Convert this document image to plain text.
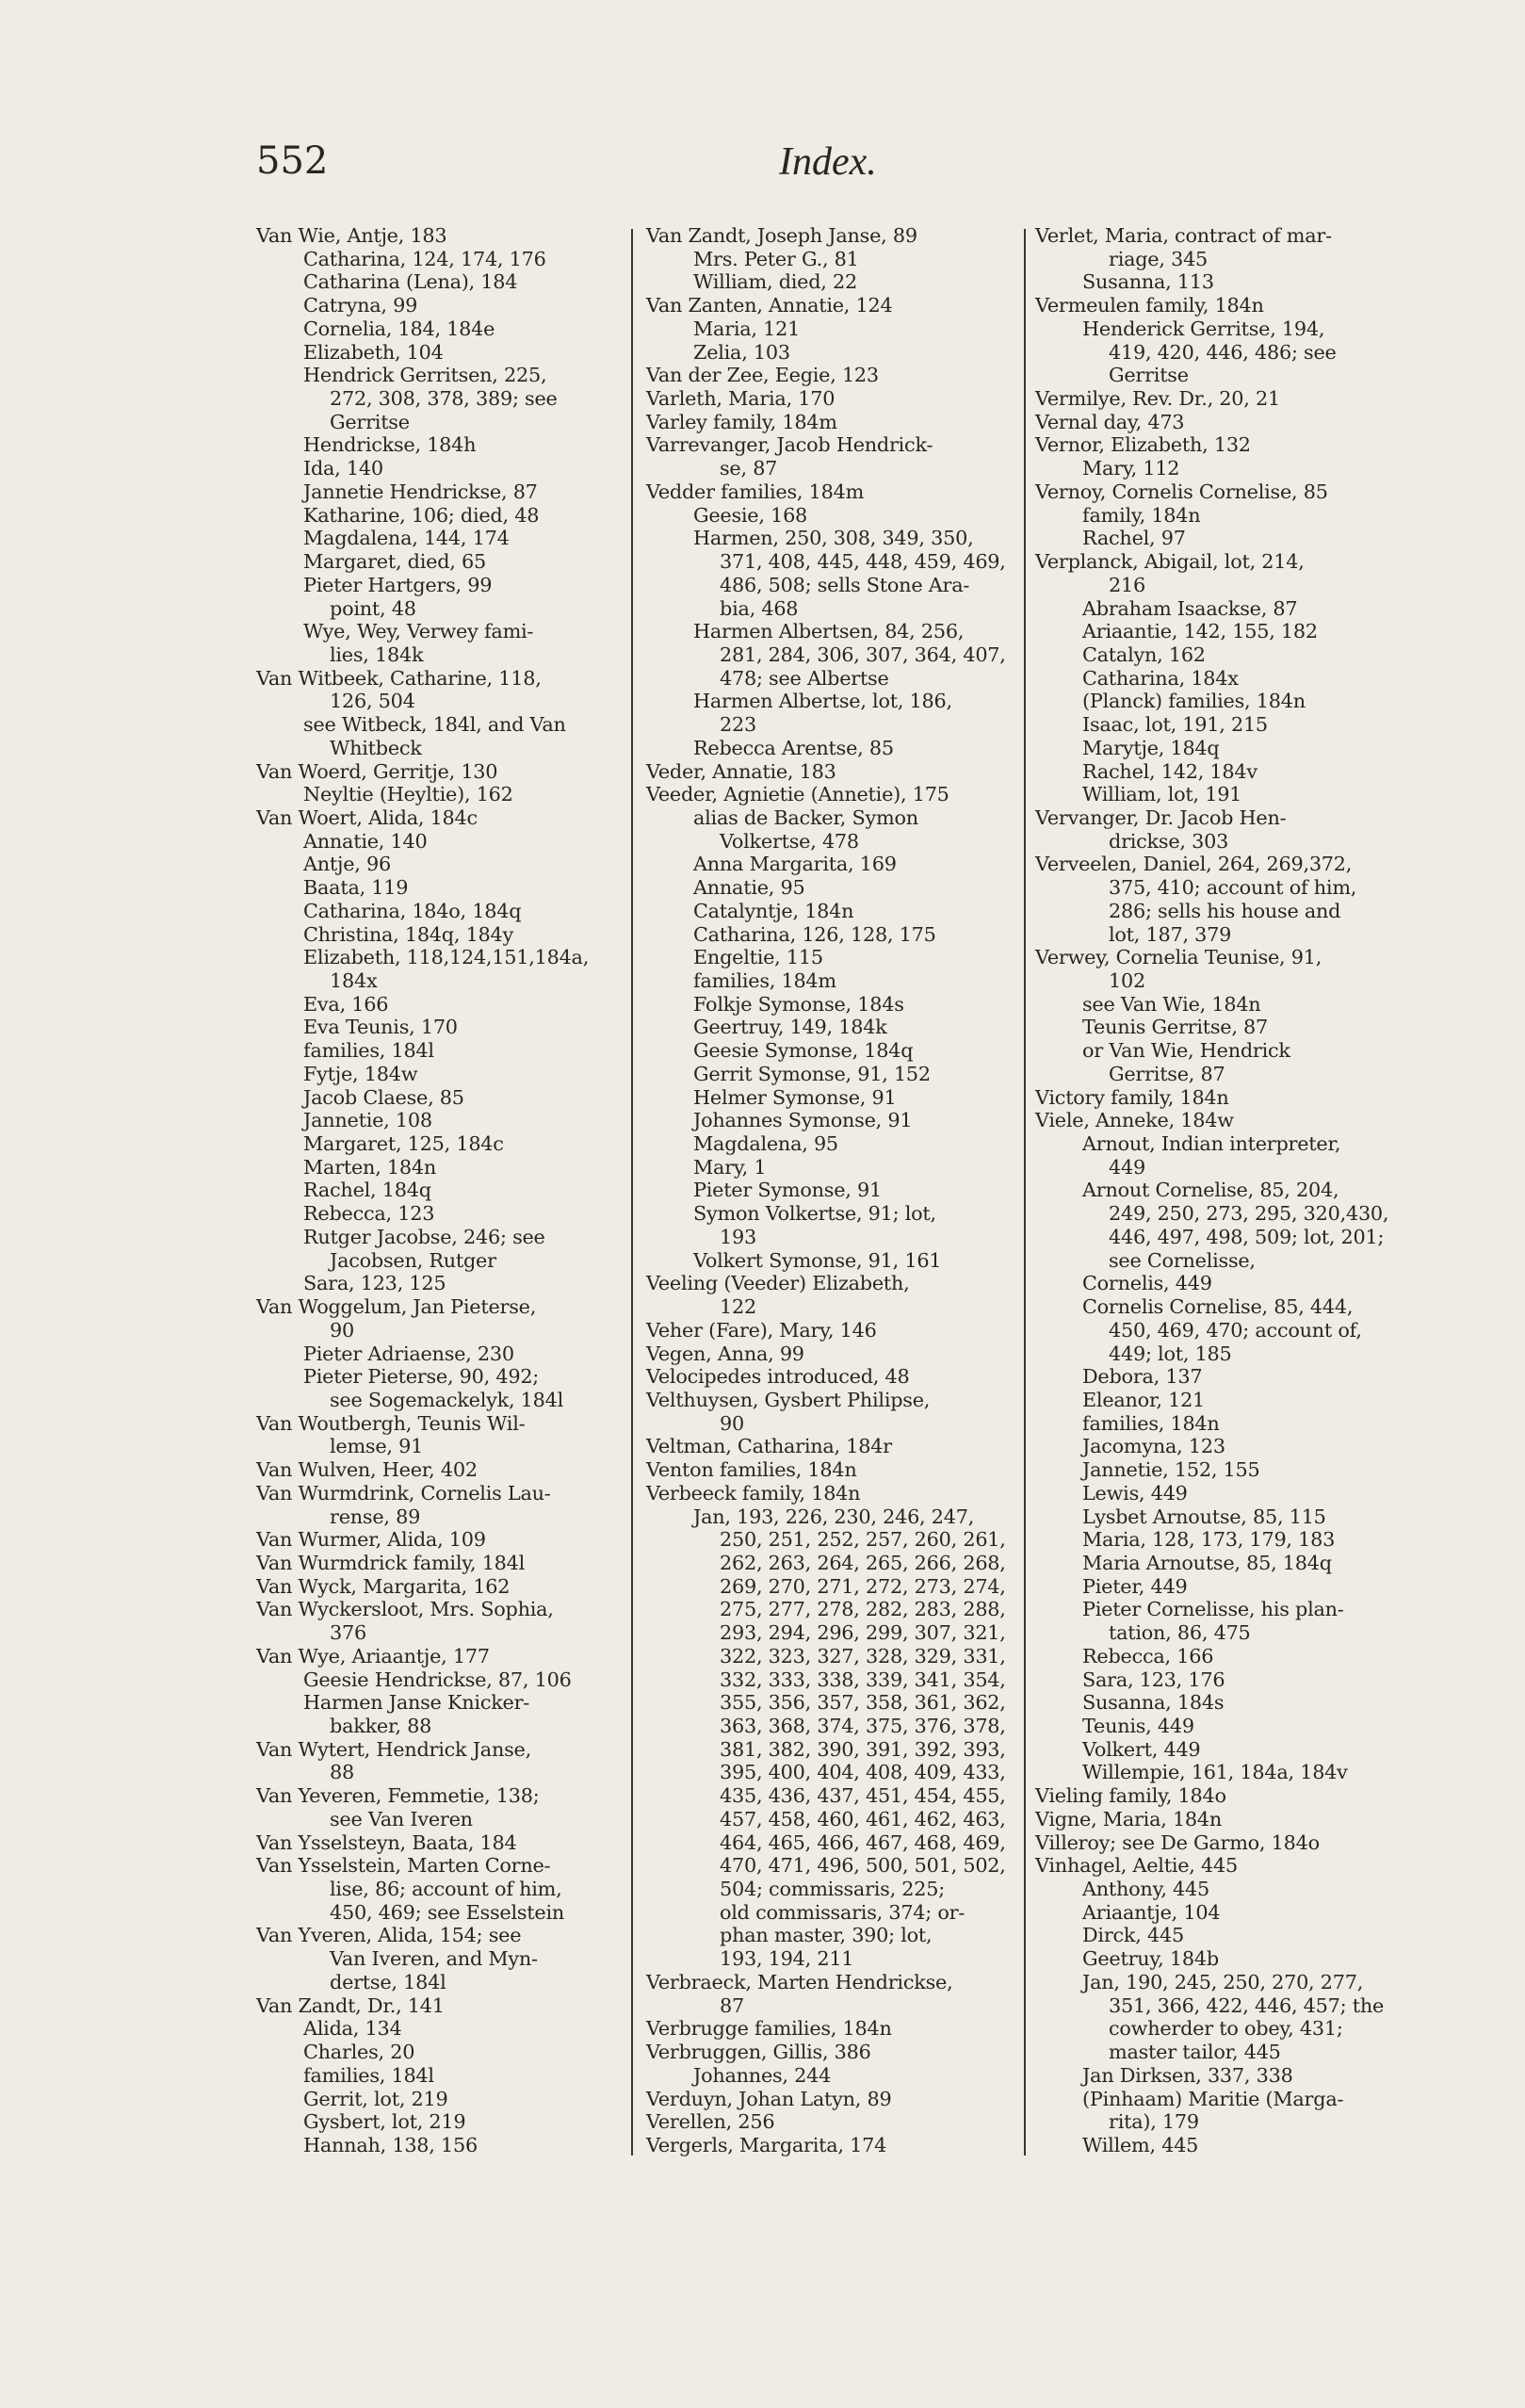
552	Index.
Van Wie, Antje, 183
Catharina, 124, 174, 176
Catharina (Lena), 184
Catryna, 99
Cornelia, 184, 184e
Elizabeth, 104
Hendrick Gerritsen, 225,
272, 308, 378, 389; see
Gerritse
Hendrickse, 184h
Ida, 140
Jannetie Hendrickse, 87
Katharine, 106; died, 48
Magdalena, 144, 174
Margaret, died, 65
Pieter Hartgers, 99
point, 48
Wye, Wey, Verwey fami-
lies, 184k
Van Witbeek, Catharine, 118,
126, 504
see Witbeck, 184l, and Van
Whitbeck
Van Woerd, Gerritje, 130
Neyltie (Heyltie), 162
Van Woert, Alida, 184c
Annatie, 140
Antje, 96
Baata, 119
Catharina, 184o, 184q
Christina, 184q, 184y
Elizabeth, 118,124,151,184a,
184x
Eva, 166
Eva Teunis, 170
families, 184l
Fytje, 184w
Jacob Claese, 85
Jannetie, 108
Margaret, 125, 184c
Marten, 184n
Rachel, 184q
Rebecca, 123
Rutger Jacobse, 246; see
Jacobsen, Rutger
Sara, 123, 125
Van Woggelum, Jan Pieterse,
90
Pieter Adriaense, 230
Pieter Pieterse, 90, 492;
see Sogemackelyk, 184l
Van Woutbergh, Teunis Wil-
lemse, 91
Van Wulven, Heer, 402
Van Wurmdrink, Cornelis Lau-
rense, 89
Van Wurmer, Alida, 109
Van Wurmdrick family, 184l
Van Wyck, Margarita, 162
Van Wyckersloot, Mrs. Sophia,
376
Van Wye, Ariaantje, 177
Geesie Hendrickse, 87, 106
Harmen Janse Knicker-
bakker, 88
Van Wytert, Hendrick Janse,
88
Van Yeveren, Femmetie, 138;
see Van Iveren
Van Ysselsteyn, Baata, 184
Van Ysselstein, Marten Corne-
lise, 86; account of him,
450, 469; see Esselstein
Van Yveren, Alida, 154; see
Van Iveren, and Myn-
dertse, 184l
Van Zandt, Dr., 141
Alida, 134
Charles, 20
families, 184l
Gerrit, lot, 219
Gysbert, lot, 219
Hannah, 138, 156
Van Zandt, Joseph Janse, 89
Mrs. Peter G., 81
William, died, 22
Van Zanten, Annatie, 124
Maria, 121
Zelia, 103
Van der Zee, Eegie, 123
Varleth, Maria, 170
Varley family, 184m
Varrevanger, Jacob Hendrick-
se, 87
Vedder families, 184m
Geesie, 168
Harmen, 250, 308, 349, 350,
371, 408, 445, 448, 459, 469,
486, 508; sells Stone Ara-
bia, 468
Harmen Albertsen, 84, 256,
281, 284, 306, 307, 364, 407,
478; see Albertse
Harmen Albertse, lot, 186,
223
Rebecca Arentse, 85
Veder, Annatie, 183
Veeder, Agnietie (Annetie), 175
alias de Backer, Symon
Volkertse, 478
Anna Margarita, 169
Annatie, 95
Catalyntje, 184n
Catharina, 126, 128, 175
Engeltie, 115
families, 184m
Folkje Symonse, 184s
Geertruy, 149, 184k
Geesie Symonse, 184q
Gerrit Symonse, 91, 152
Helmer Symonse, 91
Johannes Symonse, 91
Magdalena, 95
Mary, 1
Pieter Symonse, 91
Symon Volkertse, 91; lot,
193
Volkert Symonse, 91, 161
Veeling (Veeder) Elizabeth,
122
Veher (Fare), Mary, 146
Vegen, Anna, 99
Velocipedes introduced, 48
Velthuysen, Gysbert Philipse,
90
Veltman, Catharina, 184r
Venton families, 184n
Verbeeck family, 184n
Jan, 193, 226, 230, 246, 247,
250, 251, 252, 257, 260, 261,
262, 263, 264, 265, 266, 268,
269, 270, 271, 272, 273, 274,
275, 277, 278, 282, 283, 288,
293, 294, 296, 299, 307, 321,
322, 323, 327, 328, 329, 331,
332, 333, 338, 339, 341, 354,
355, 356, 357, 358, 361, 362,
363, 368, 374, 375, 376, 378,
381, 382, 390, 391, 392, 393,
395, 400, 404, 408, 409, 433,
435, 436, 437, 451, 454, 455,
457, 458, 460, 461, 462, 463,
464, 465, 466, 467, 468, 469,
470, 471, 496, 500, 501, 502,
504; commissaris, 225;
old commissaris, 374; or-
phan master, 390; lot,
193, 194, 211
Verbraeck, Marten Hendrickse,
87
Verbrugge families, 184n
Verbruggen, Gillis, 386
Johannes, 244
Verduyn, Johan Latyn, 89
Verellen, 256
Vergerls, Margarita, 174
Verlet, Maria, contract of mar-
riage, 345
Susanna, 113
Vermeulen family, 184n
Henderick Gerritse, 194,
419, 420, 446, 486; see
Gerritse
Vermilye, Rev. Dr., 20, 21
Vernal day, 473
Vernor, Elizabeth, 132
Mary, 112
Vernoy, Cornelis Cornelise, 85
family, 184n
Rachel, 97
Verplanck, Abigail, lot, 214,
216
Abraham Isaackse, 87
Ariaantie, 142, 155, 182
Catalyn, 162
Catharina, 184x
(Planck) families, 184n
Isaac, lot, 191, 215
Marytje, 184q
Rachel, 142, 184v
William, lot, 191
Vervanger, Dr. Jacob Hen-
drickse, 303
Verveelen, Daniel, 264, 269,372,
375, 410; account of him,
286; sells his house and
lot, 187, 379
Verwey, Cornelia Teunise, 91,
102
see Van Wie, 184n
Teunis Gerritse, 87
or Van Wie, Hendrick
Gerritse, 87
Victory family, 184n
Viele, Anneke, 184w
Arnout, Indian interpreter,
449
Arnout Cornelise, 85, 204,
249, 250, 273, 295, 320,430,
446, 497, 498, 509; lot, 201;
see Cornelisse,
Cornelis, 449
Cornelis Cornelise, 85, 444,
450, 469, 470; account of,
449; lot, 185
Debora, 137
Eleanor, 121
families, 184n
Jacomyna, 123
Jannetie, 152, 155
Lewis, 449
Lysbet Arnoutse, 85, 115
Maria, 128, 173, 179, 183
Maria Arnoutse, 85, 184q
Pieter, 449
Pieter Cornelisse, his plan-
tation, 86, 475
Rebecca, 166
Sara, 123, 176
Susanna, 184s
Teunis, 449
Volkert, 449
Willempie, 161, 184a, 184v
Vieling family, 184o
Vigne, Maria, 184n
Villeroy; see De Garmo, 184o
Vinhagel, Aeltie, 445
Anthony, 445
Ariaantje, 104
Dirck, 445
Geetruy, 184b
Jan, 190, 245, 250, 270, 277,
351, 366, 422, 446, 457; the
cowherder to obey, 431;
master tailor, 445
Jan Dirksen, 337, 338
(Pinhaam) Maritie (Marga-
rita), 179
Willem, 445
